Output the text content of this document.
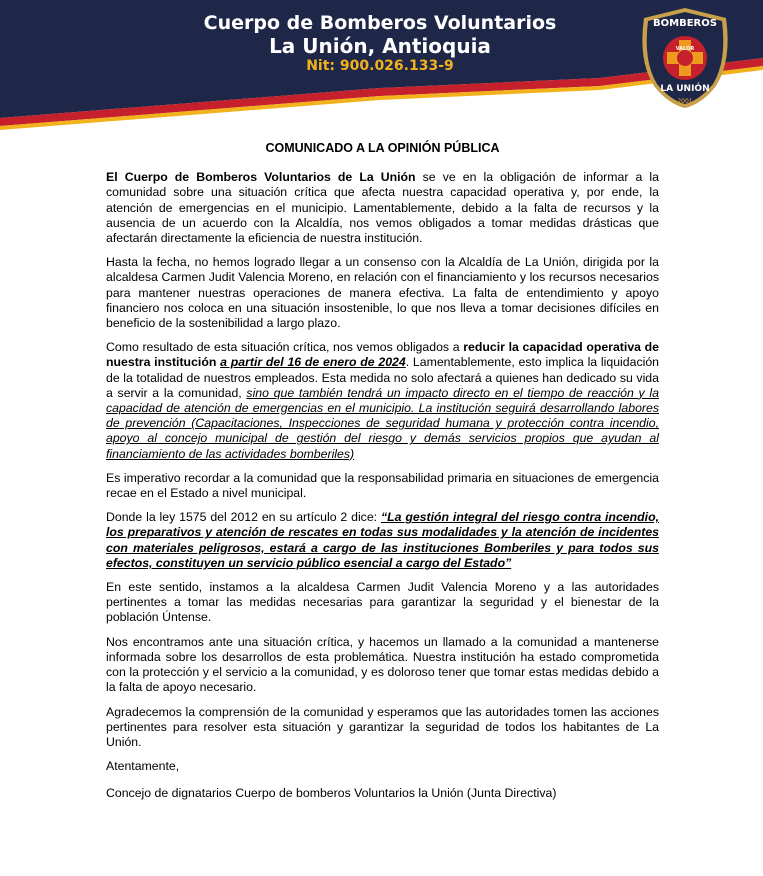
Cuerpo de Bomberos Voluntarios
La Unión, Antioquia
Nit: 900.026.133-9
BOMBEROS
VALOR
LA UNIÓN
2001
COMUNICADO A LA OPINIÓN PÚBLICA

El Cuerpo de Bomberos Voluntarios de La Unión se ve en la obligación de informar a la comunidad sobre una situación crítica que afecta nuestra capacidad operativa y, por ende, la atención de emergencias en el municipio. Lamentablemente, debido a la falta de recursos y la ausencia de un acuerdo con la Alcaldía, nos vemos obligados a tomar medidas drásticas que afectarán directamente la eficiencia de nuestra institución.

Hasta la fecha, no hemos logrado llegar a un consenso con la Alcaldía de La Unión, dirigida por la alcaldesa Carmen Judit Valencia Moreno, en relación con el financiamiento y los recursos necesarios para mantener nuestras operaciones de manera efectiva. La falta de entendimiento y apoyo financiero nos coloca en una situación insostenible, lo que nos lleva a tomar decisiones difíciles en beneficio de la sostenibilidad a largo plazo.

Como resultado de esta situación crítica, nos vemos obligados a reducir la capacidad operativa de nuestra institución a partir del 16 de enero de 2024. Lamentablemente, esto implica la liquidación de la totalidad de nuestros empleados. Esta medida no solo afectará a quienes han dedicado su vida a servir a la comunidad, sino que también tendrá un impacto directo en el tiempo de reacción y la capacidad de atención de emergencias en el municipio. La institución seguirá desarrollando labores de prevención (Capacitaciones, Inspecciones de seguridad humana y protección contra incendio, apoyo al concejo municipal de gestión del riesgo y demás servicios propios que ayudan al financiamiento de las actividades bomberiles)

Es imperativo recordar a la comunidad que la responsabilidad primaria en situaciones de emergencia recae en el Estado a nivel municipal.

Donde la ley 1575 del 2012 en su artículo 2 dice: “La gestión integral del riesgo contra incendio, los preparativos y atención de rescates en todas sus modalidades y la atención de incidentes con materiales peligrosos, estará a cargo de las instituciones Bomberiles y para todos sus efectos, constituyen un servicio público esencial a cargo del Estado”

En este sentido, instamos a la alcaldesa Carmen Judit Valencia Moreno y a las autoridades pertinentes a tomar las medidas necesarias para garantizar la seguridad y el bienestar de la población Úntense.

Nos encontramos ante una situación crítica, y hacemos un llamado a la comunidad a mantenerse informada sobre los desarrollos de esta problemática. Nuestra institución ha estado comprometida con la protección y el servicio a la comunidad, y es doloroso tener que tomar estas medidas debido a la falta de apoyo necesario.

Agradecemos la comprensión de la comunidad y esperamos que las autoridades tomen las acciones pertinentes para resolver esta situación y garantizar la seguridad de todos los habitantes de La Unión.

Atentamente,

Concejo de dignatarios Cuerpo de bomberos Voluntarios la Unión (Junta Directiva)
